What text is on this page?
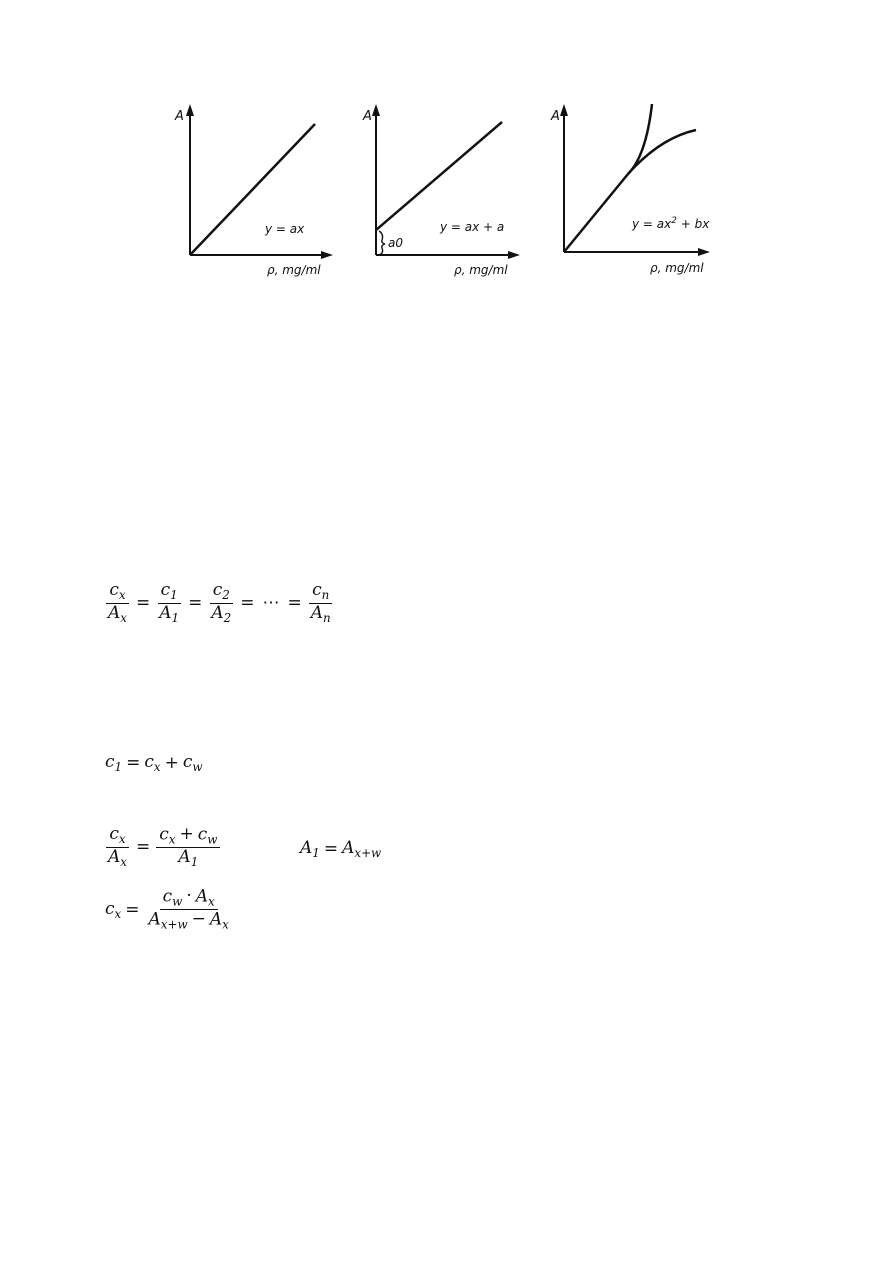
A
y = ax
ρ, mg/ml
a0
A
y = ax + a
ρ, mg/ml
A
$y = ax^2$ + bx
ρ, mg/ml
$\frac{c_x}{A_x} = \frac{c_1}{A_1} = \frac{c_2}{A_2}$ = ⋯ = $\frac{c_n}{A_n}$
$c_1 = c_x + c_w$
$\frac{c_x}{A_x} = \frac{c_x + c_w}{A_1}$	$A_1 = A_{x+w}$
$c_x = \frac{c_w \cdot A_x}{A_{x+w} - A_x}$
